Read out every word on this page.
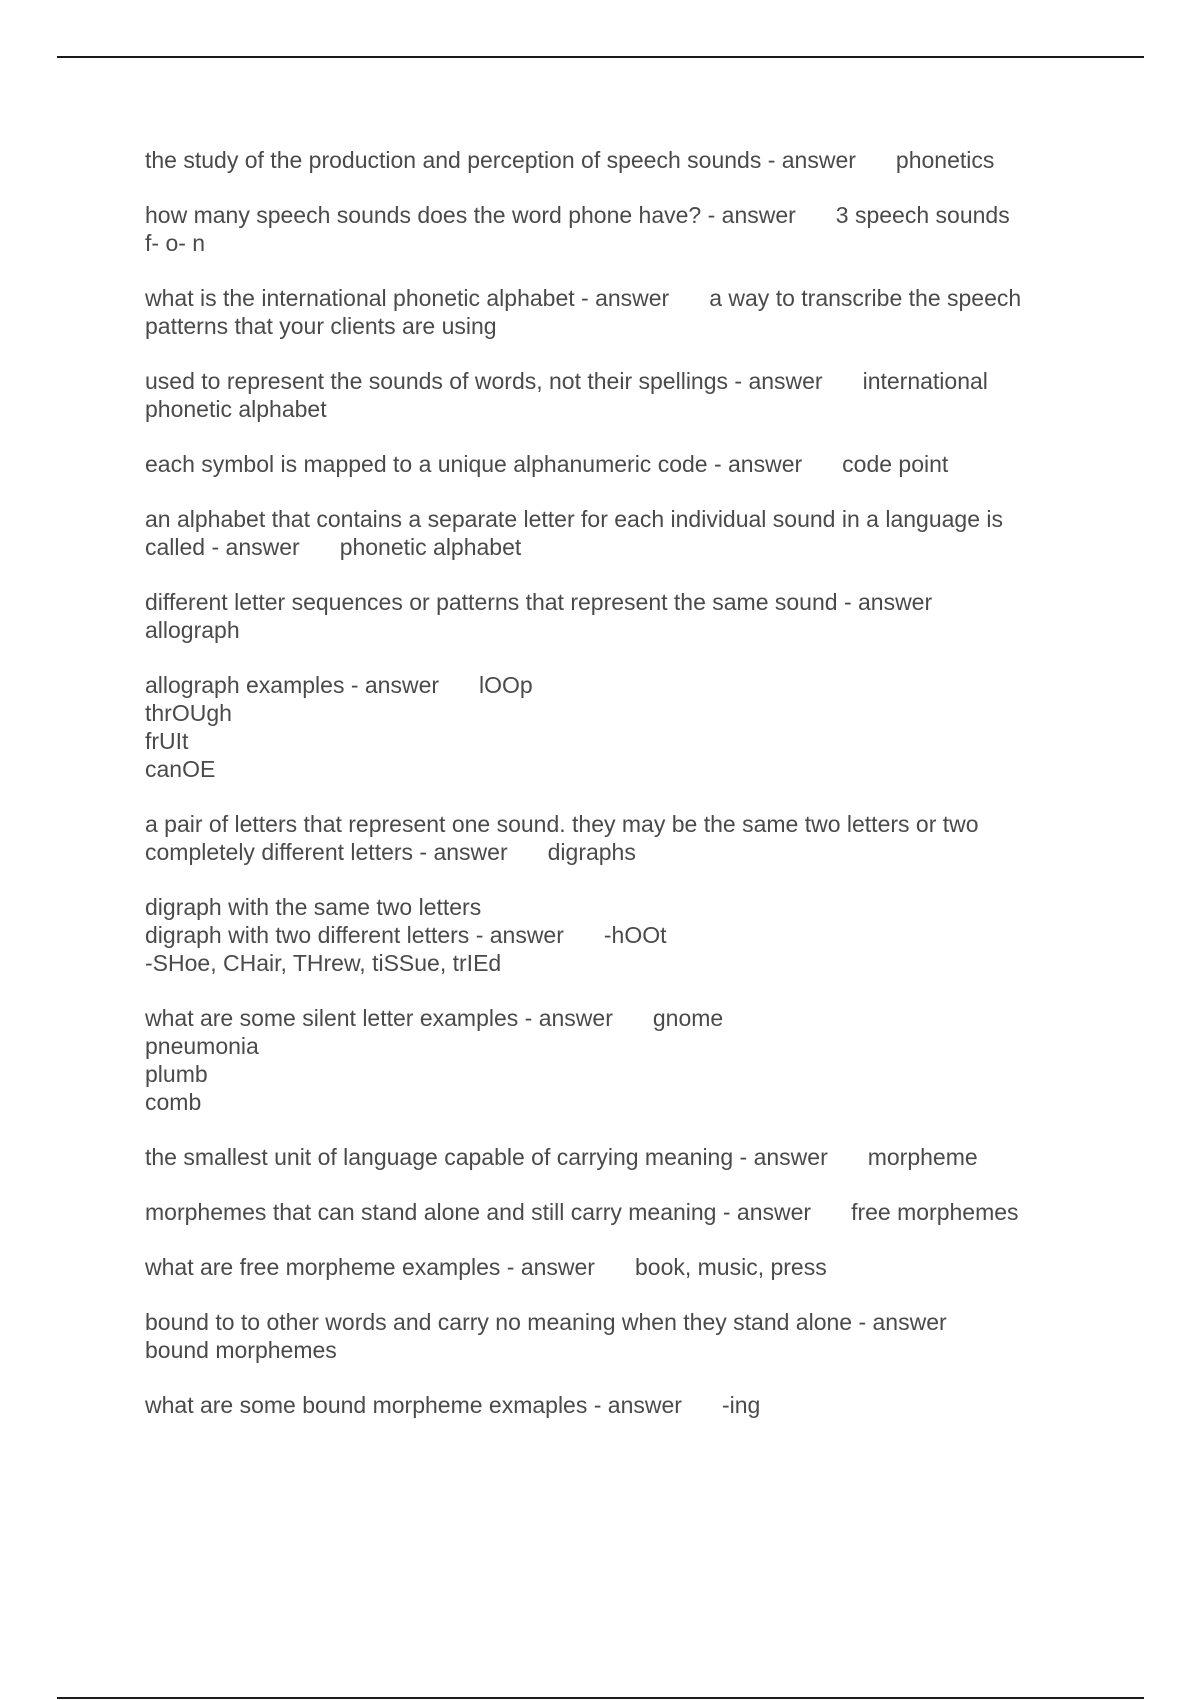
the study of the production and perception of speech sounds - answer phonetics

how many speech sounds does the word phone have? - answer 3 speech sounds
f- o- n

what is the international phonetic alphabet - answer a way to transcribe the speech
patterns that your clients are using

used to represent the sounds of words, not their spellings - answer international
phonetic alphabet

each symbol is mapped to a unique alphanumeric code - answer code point

an alphabet that contains a separate letter for each individual sound in a language is
called - answer phonetic alphabet

different letter sequences or patterns that represent the same sound - answer
allograph

allograph examples - answer lOOp
thrOUgh
frUIt
canOE

a pair of letters that represent one sound. they may be the same two letters or two
completely different letters - answer digraphs

digraph with the same two letters
digraph with two different letters - answer -hOOt
-SHoe, CHair, THrew, tiSSue, trIEd

what are some silent letter examples - answer gnome
pneumonia
plumb
comb

the smallest unit of language capable of carrying meaning - answer morpheme

morphemes that can stand alone and still carry meaning - answer free morphemes

what are free morpheme examples - answer book, music, press

bound to to other words and carry no meaning when they stand alone - answer
bound morphemes

what are some bound morpheme exmaples - answer -ing
